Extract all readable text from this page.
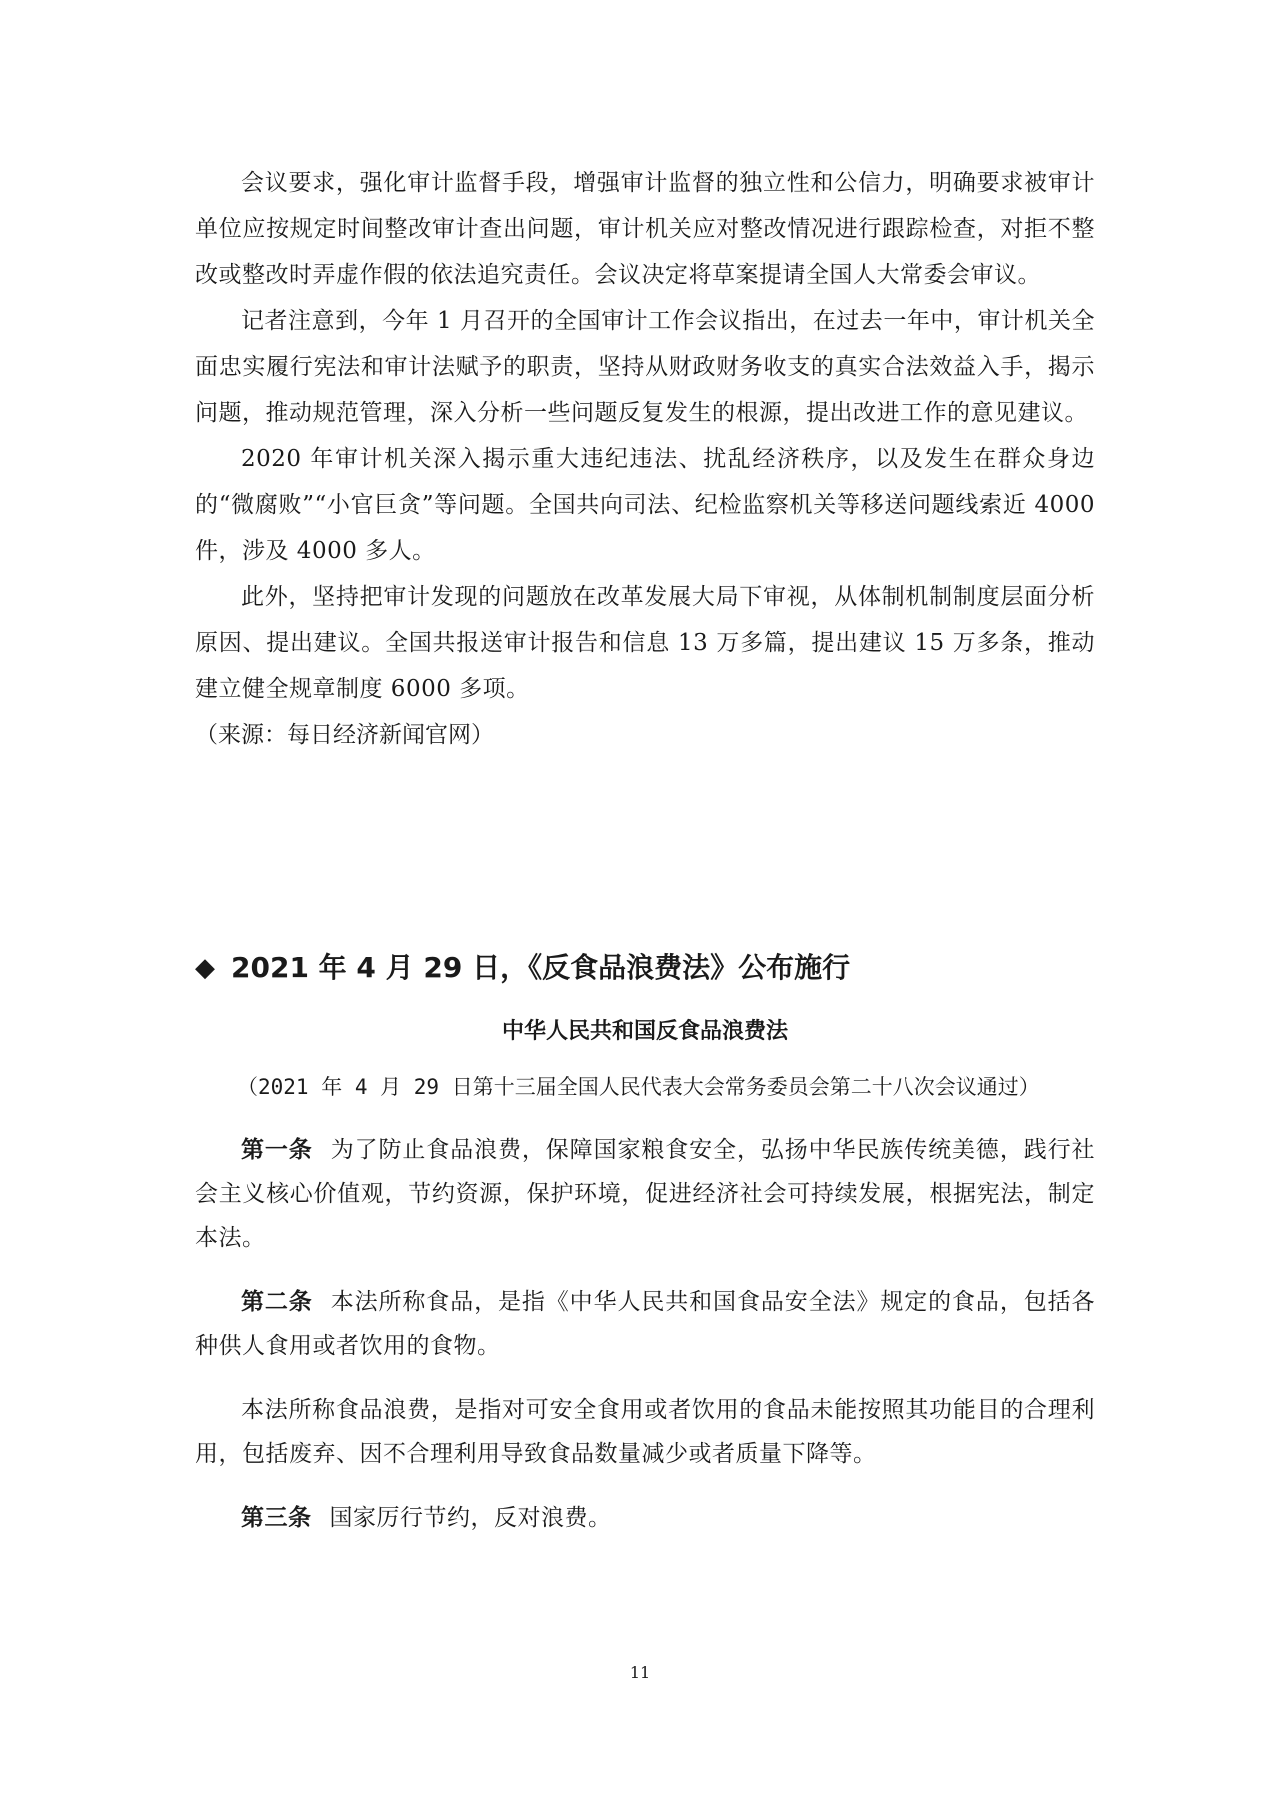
会议要求，强化审计监督手段，增强审计监督的独立性和公信力，明确要求被审计单位应按规定时间整改审计查出问题，审计机关应对整改情况进行跟踪检查，对拒不整改或整改时弄虚作假的依法追究责任。会议决定将草案提请全国人大常委会审议。

记者注意到，今年 1 月召开的全国审计工作会议指出，在过去一年中，审计机关全面忠实履行宪法和审计法赋予的职责，坚持从财政财务收支的真实合法效益入手，揭示问题，推动规范管理，深入分析一些问题反复发生的根源，提出改进工作的意见建议。

2020 年审计机关深入揭示重大违纪违法、扰乱经济秩序，以及发生在群众身边的“微腐败”“小官巨贪”等问题。全国共向司法、纪检监察机关等移送问题线索近 4000 件，涉及 4000 多人。

此外，坚持把审计发现的问题放在改革发展大局下审视，从体制机制制度层面分析原因、提出建议。全国共报送审计报告和信息 13 万多篇，提出建议 15 万多条，推动建立健全规章制度 6000 多项。

（来源：每日经济新闻官网）

◆ 2021 年 4 月 29 日，《反食品浪费法》公布施行
中华人民共和国反食品浪费法

（2021 年 4 月 29 日第十三届全国人民代表大会常务委员会第二十八次会议通过）

第一条 为了防止食品浪费，保障国家粮食安全，弘扬中华民族传统美德，践行社会主义核心价值观，节约资源，保护环境，促进经济社会可持续发展，根据宪法，制定本法。

第二条 本法所称食品，是指《中华人民共和国食品安全法》规定的食品，包括各种供人食用或者饮用的食物。

本法所称食品浪费，是指对可安全食用或者饮用的食品未能按照其功能目的合理利用，包括废弃、因不合理利用导致食品数量减少或者质量下降等。

第三条 国家厉行节约，反对浪费。

11
